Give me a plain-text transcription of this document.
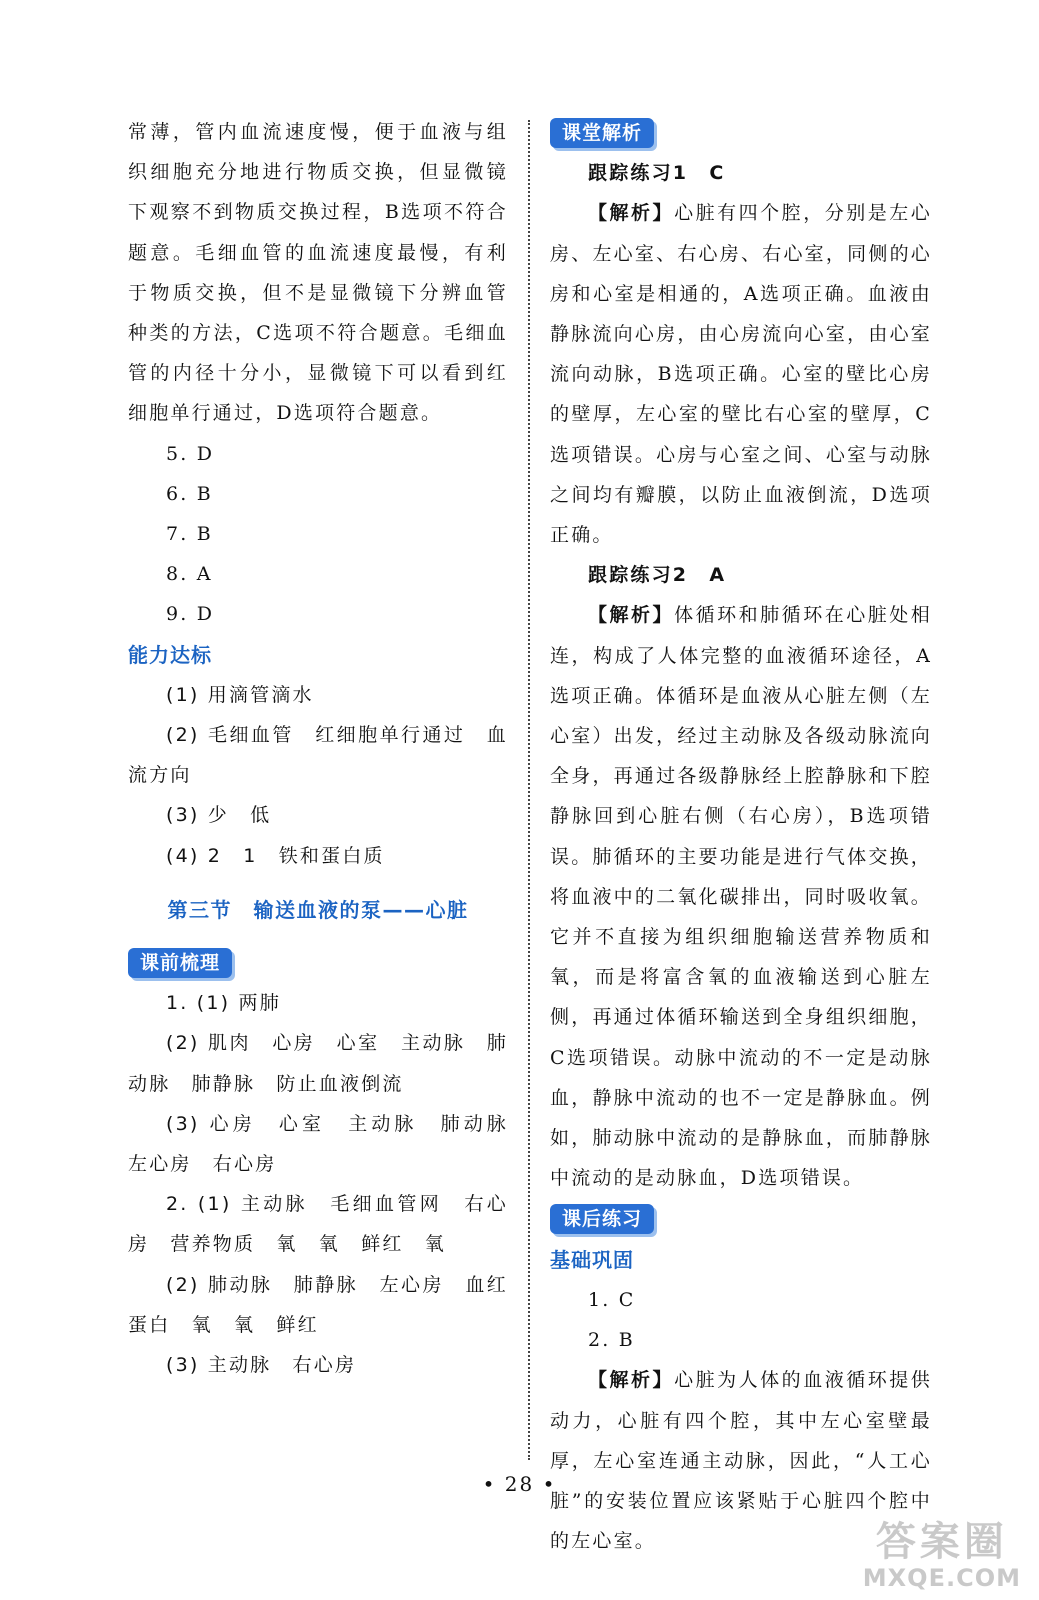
常薄，管内血流速度慢，便于血液与组织细胞充分地进行物质交换，但显微镜下观察不到物质交换过程，B选项不符合题意。毛细血管的血流速度最慢，有利于物质交换，但不是显微镜下分辨血管种类的方法，C选项不符合题意。毛细血管的内径十分小，显微镜下可以看到红细胞单行通过，D选项符合题意。

5. D
6. B
7. B
8. A
9. D
能力达标

(1) 用滴管滴水

(2) 毛细血管　红细胞单行通过　血流方向

(3) 少　低

(4) 2　1　铁和蛋白质

第三节　输送血液的泵——心脏
课前梳理

1. (1) 两肺

(2) 肌肉　心房　心室　主动脉　肺动脉　肺静脉　防止血液倒流

(3) 心房　心室　主动脉　肺动脉　左心房　右心房

2. (1) 主动脉　毛细血管网　右心房　营养物质　氧　氧　鲜红　氧

(2) 肺动脉　肺静脉　左心房　血红蛋白　氧　氧　鲜红

(3) 主动脉　右心房

课堂解析
跟踪练习1　C

【解析】心脏有四个腔，分别是左心房、左心室、右心房、右心室，同侧的心房和心室是相通的，A选项正确。血液由静脉流向心房，由心房流向心室，由心室流向动脉，B选项正确。心室的壁比心房的壁厚，左心室的壁比右心室的壁厚，C选项错误。心房与心室之间、心室与动脉之间均有瓣膜，以防止血液倒流，D选项正确。

跟踪练习2　A

【解析】体循环和肺循环在心脏处相连，构成了人体完整的血液循环途径，A选项正确。体循环是血液从心脏左侧（左心室）出发，经过主动脉及各级动脉流向全身，再通过各级静脉经上腔静脉和下腔静脉回到心脏右侧（右心房），B选项错误。肺循环的主要功能是进行气体交换，将血液中的二氧化碳排出，同时吸收氧。它并不直接为组织细胞输送营养物质和氧，而是将富含氧的血液输送到心脏左侧，再通过体循环输送到全身组织细胞，C选项错误。动脉中流动的不一定是动脉血，静脉中流动的也不一定是静脉血。例如，肺动脉中流动的是静脉血，而肺静脉中流动的是动脉血，D选项错误。

课后练习
基础巩固
1. C
2. B

【解析】心脏为人体的血液循环提供动力，心脏有四个腔，其中左心室壁最厚，左心室连通主动脉，因此，“人工心脏”的安装位置应该紧贴于心脏四个腔中的左心室。

• 28 •
答案圈
MXQE.COM
